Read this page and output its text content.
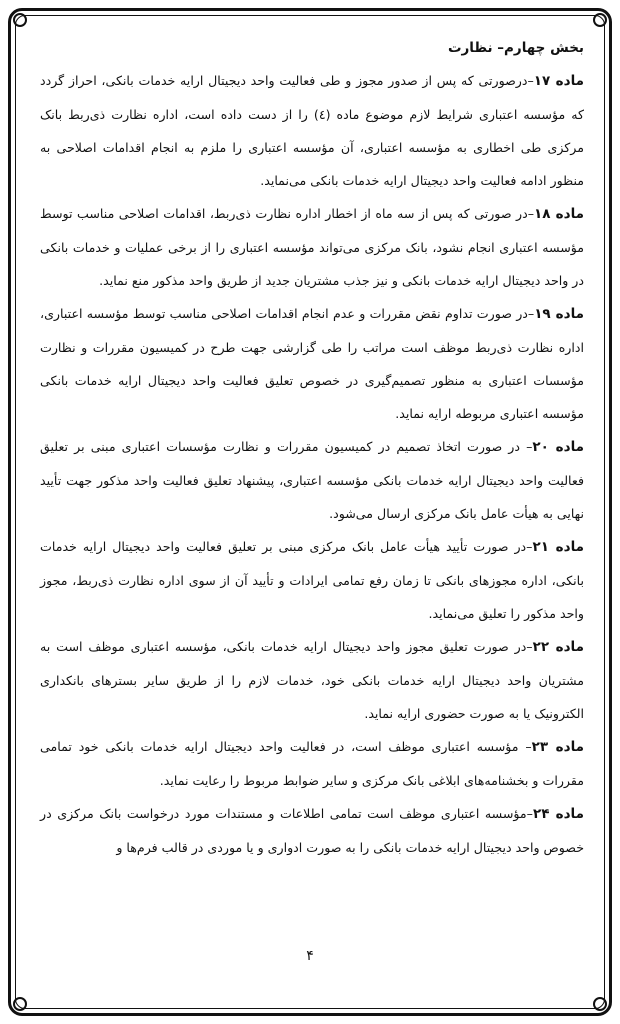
بخش چهارم– نظارت

ماده ۱۷–درصورتی که پس از صدور مجوز و طی فعالیت واحد دیجیتال ارایه خدمات بانکی، احراز گردد که مؤسسه اعتباری شرایط لازم موضوع ماده (٤) را از دست داده است، اداره نظارت ذی‌ربط بانک مرکزی طی اخطاری به مؤسسه اعتباری، آن مؤسسه اعتباری را ملزم به انجام اقدامات اصلاحی به منظور ادامه فعالیت واحد دیجیتال ارایه خدمات بانکی می‌نماید.

ماده ۱۸–در صورتی که پس از سه ماه از اخطار اداره نظارت ذی‌ربط، اقدامات اصلاحی مناسب توسط مؤسسه اعتباری انجام نشود، بانک مرکزی می‌تواند مؤسسه اعتباری را از برخی عملیات و خدمات بانکی در واحد دیجیتال ارایه خدمات بانکی و نیز جذب مشتریان جدید از طریق واحد مذکور منع نماید.

ماده ۱۹–در صورت تداوم نقض مقررات و عدم انجام اقدامات اصلاحی مناسب توسط مؤسسه اعتباری، اداره نظارت ذی‌ربط موظف است مراتب را طی گزارشی جهت طرح در کمیسیون مقررات و نظارت مؤسسات اعتباری به منظور تصمیم‌گیری در خصوص تعلیق فعالیت واحد دیجیتال ارایه خدمات بانکی مؤسسه اعتباری مربوطه ارایه نماید.

ماده ۲۰– در صورت اتخاذ تصمیم در کمیسیون مقررات و نظارت مؤسسات اعتباری مبنی بر تعلیق فعالیت واحد دیجیتال ارایه خدمات بانکی مؤسسه اعتباری، پیشنهاد تعلیق فعالیت واحد مذکور جهت تأیید نهایی به هیأت عامل بانک مرکزی ارسال می‌شود.

ماده ۲۱–در صورت تأیید هیأت عامل بانک مرکزی مبنی بر تعلیق فعالیت واحد دیجیتال ارایه خدمات بانکی، اداره مجوزهای بانکی تا زمان رفع تمامی ایرادات و تأیید آن از سوی اداره نظارت ذی‌ربط، مجوز واحد مذکور را تعلیق می‌نماید.

ماده ۲۲–در صورت تعلیق مجوز واحد دیجیتال ارایه خدمات بانکی، مؤسسه اعتباری موظف است به مشتریان واحد دیجیتال ارایه خدمات بانکی خود، خدمات لازم را از طریق سایر بسترهای بانکداری الکترونیک یا به صورت حضوری ارایه نماید.

ماده ۲۳– مؤسسه اعتباری موظف است، در فعالیت واحد دیجیتال ارایه خدمات بانکی خود تمامی مقررات و بخشنامه‌های ابلاغی بانک مرکزی و سایر ضوابط مربوط را رعایت نماید.

ماده ۲۴–مؤسسه اعتباری موظف است تمامی اطلاعات و مستندات مورد درخواست بانک مرکزی در خصوص واحد دیجیتال ارایه خدمات بانکی را به صورت ادواری و یا موردی در قالب فرم‌ها و

۴
